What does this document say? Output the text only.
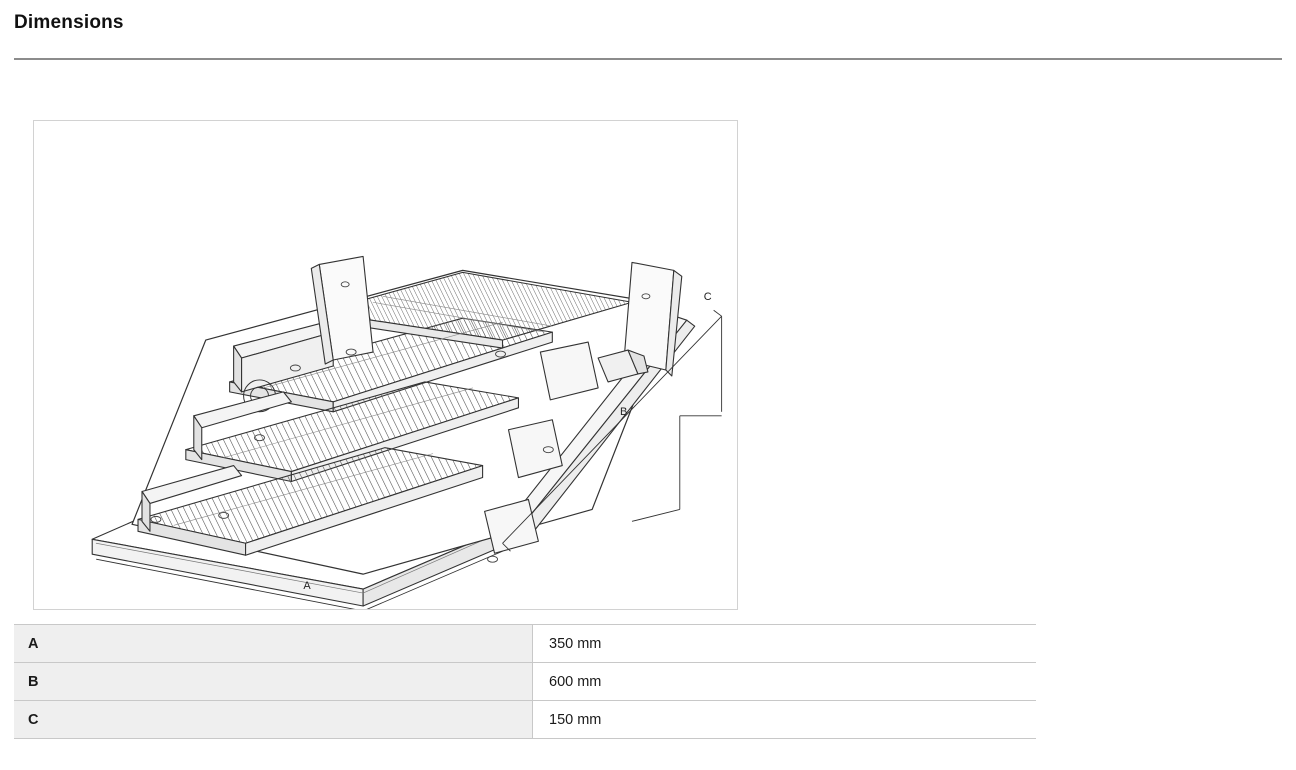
Dimensions
A
B
C
A	350 mm
B	600 mm
C	150 mm
